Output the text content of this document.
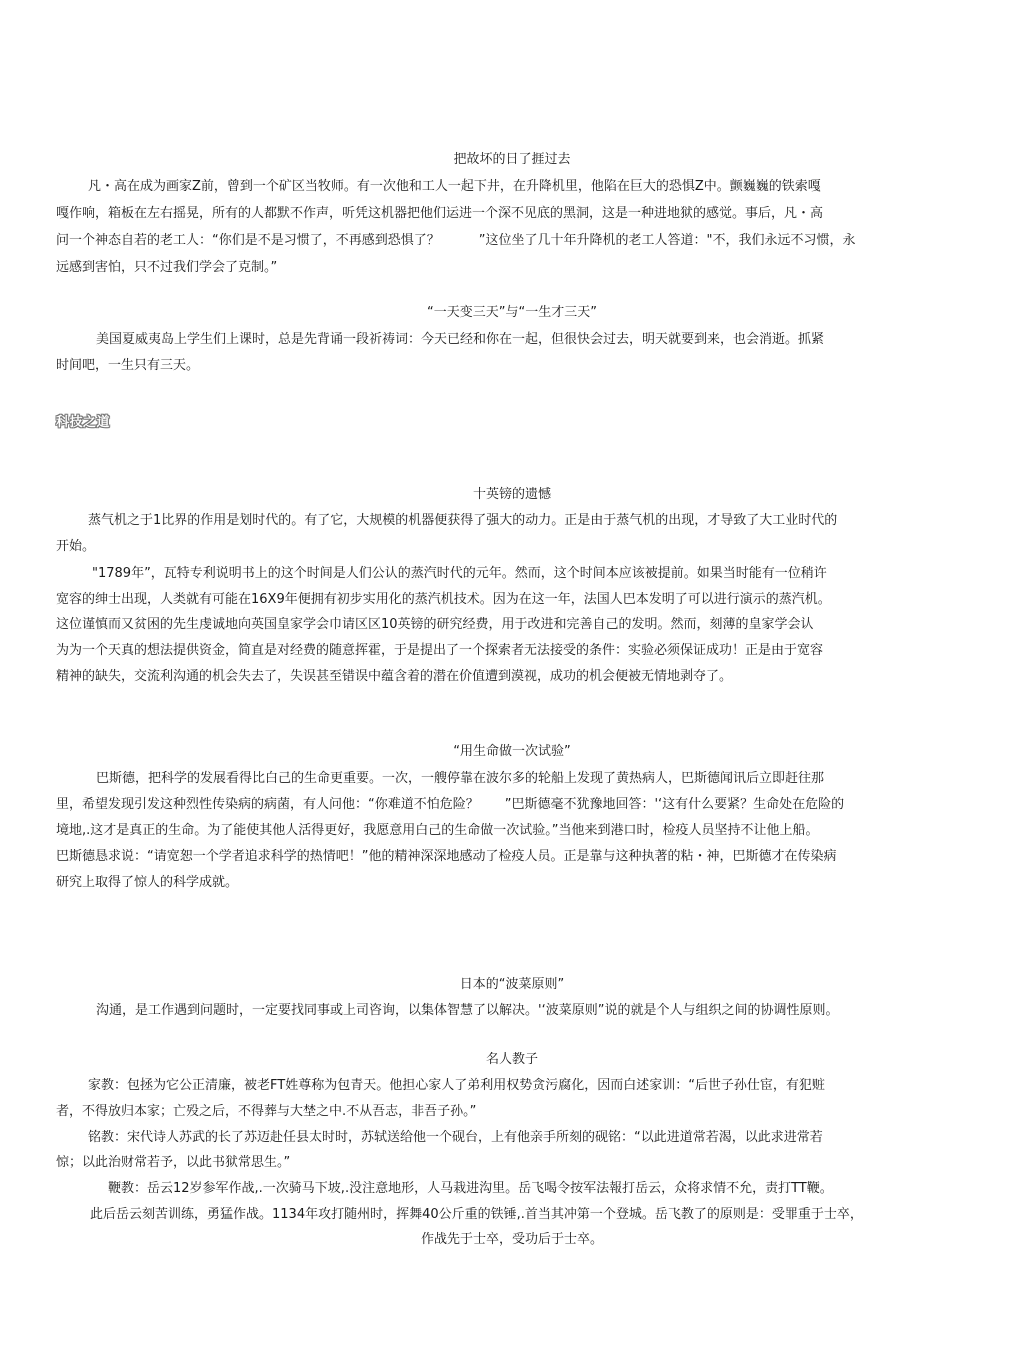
把故坏的日了捱过去
凡・高在成为画家Z前，曾到一个矿区当牧师。有一次他和工人一起下井，在升降机里，他陷在巨大的恐惧Z中。颤巍巍的铁索嘎
嘎作响，箱板在左右摇晃，所有的人都默不作声，听凭这机器把他们运进一个深不见底的黑洞，这是一种进地狱的感觉。事后，凡・高
问一个神态自若的老工人：“你们是不是习惯了，不再感到恐惧了？　　　”这位坐了几十年升降机的老工人答道："不，我们永远不习惯，永
远感到害怕，只不过我们学会了克制。”
“一天变三天”与“一生才三天”
美国夏威夷岛上学生们上课时，总是先背诵一段祈祷词：今天已经和你在一起，但很快会过去，明天就要到来，也会消逝。抓紧
时间吧，一生只有三天。
科技之道
十英镑的遗憾
蒸气机之于1比界的作用是划时代的。有了它，大规模的机器便获得了强大的动力。正是由于蒸气机的出现，才导致了大工业时代的
开始。
"1789年”，瓦特专利说明书上的这个时间是人们公认的蒸汽时代的元年。然而，这个时间本应该被提前。如果当时能有一位稍许
宽容的绅士出现，人类就有可能在16X9年便拥有初步实用化的蒸汽机技术。因为在这一年，法国人巴本发明了可以进行演示的蒸汽机。
这位谨慎而又贫困的先生虔诚地向英国皇家学会巾请区区10英镑的研究经费，用于改进和完善自己的发明。然而，刻薄的皇家学会认
为为一个天真的想法提供资金，简直是对经费的随意挥霍，于是提出了一个探索者无法接受的条件：实验必须保证成功！正是由于宽容
精神的缺失，交流利沟通的机会失去了，失误甚至错误中蕴含着的潜在价值遭到漠视，成功的机会便被无情地剥夺了。
“用生命做一次试验”
巴斯德，把科学的发展看得比白己的生命更重要。一次，一艘停靠在波尔多的轮船上发现了黄热病人，巴斯德闻讯后立即赶往那
里，希望发现引发这种烈性传染病的病菌，有人问他：“你难道不怕危险？　　”巴斯德毫不犹豫地回答：'‘这有什么要紧？生命处在危险的
境地,.这才是真正的生命。为了能使其他人活得更好，我愿意用白己的生命做一次试验。”当他来到港口时，检疫人员坚持不让他上船。
巴斯德恳求说：“请宽恕一个学者追求科学的热情吧！”他的精神深深地感动了检疫人员。正是靠与这种执著的粘・神，巴斯德才在传染病
研究上取得了惊人的科学成就。
日本的“波菜原则”
沟通，是工作遇到问题时，一定要找同事或上司咨询，以集体智慧了以解决。'‘波菜原则”说的就是个人与组织之间的协调性原则。
名人教子
家教：包拯为它公正清廉，被老FT姓尊称为包青天。他担心家人了弟利用权势贪污腐化，因而白述家训：“后世子孙仕宦，有犯赃
者，不得放归本家；亡殁之后，不得葬与大埜之中.不从吾志，非吾子孙。”
铭教：宋代诗人苏武的长了苏迈赴任县太时时，苏轼送给他一个砚台，上有他亲手所刻的砚铭：“以此进道常若渴，以此求进常若
惊；以此治财常若予，以此书狱常思生。”
鞭教：岳云12岁参军作战,.一次骑马下坡,.没注意地形，人马栽进沟里。岳飞喝令按军法報打岳云，众将求情不允，责打TT鞭。
此后岳云刻苦训练，勇猛作战。1134年攻打随州时，挥舞40公斤重的铁锤,.首当其冲第一个登城。岳飞教了的原则是：受罪重于士卒，
作战先于士卒，受功后于士卒。
